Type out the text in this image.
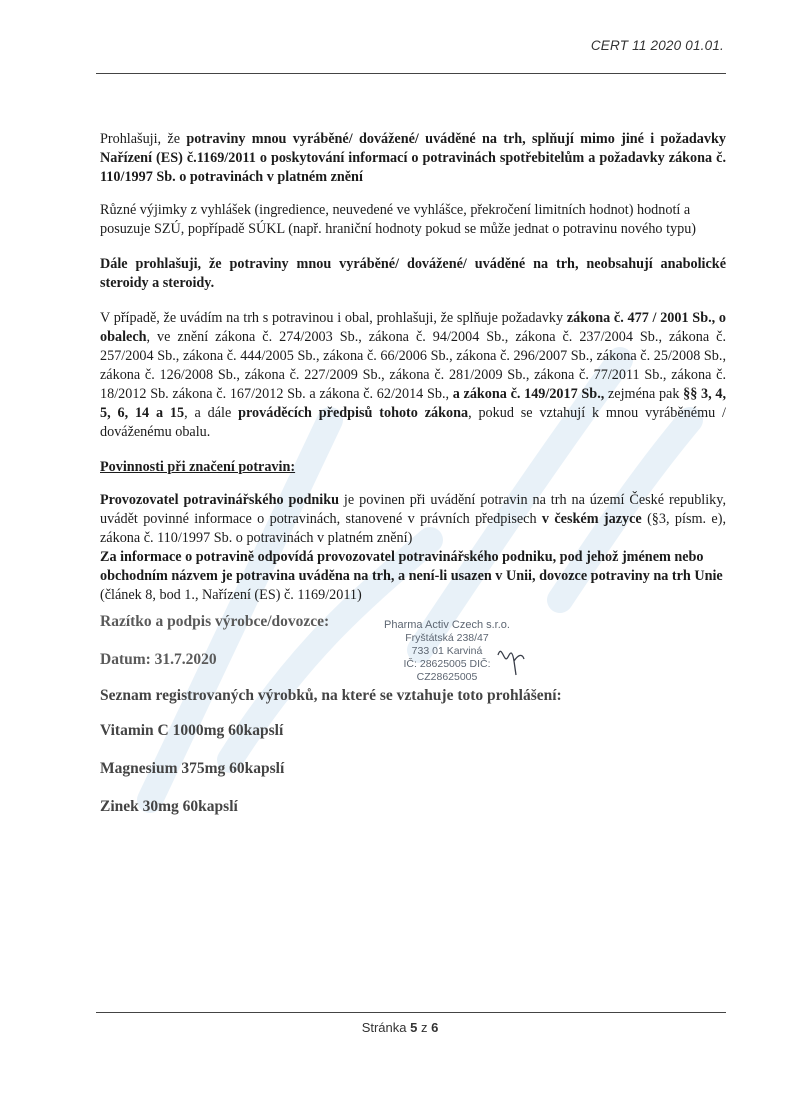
CERT 11 2020 01.01.

Prohlašuji, že potraviny mnou vyráběné/ dovážené/ uváděné na trh, splňují mimo jiné i požadavky Nařízení (ES) č.1169/2011 o poskytování informací o potravinách spotřebitelům a požadavky zákona č. 110/1997 Sb. o potravinách v platném znění

Různé výjimky z vyhlášek (ingredience, neuvedené ve vyhlášce, překročení limitních hodnot) hodnotí a posuzuje SZÚ, popřípadě SÚKL (např. hraniční hodnoty pokud se může jednat o potravinu nového typu)

Dále prohlašuji, že potraviny mnou vyráběné/ dovážené/ uváděné na trh, neobsahují anabolické steroidy a steroidy.

V případě, že uvádím na trh s potravinou i obal, prohlašuji, že splňuje požadavky zákona č. 477 / 2001 Sb., o obalech, ve znění zákona č. 274/2003 Sb., zákona č. 94/2004 Sb., zákona č. 237/2004 Sb., zákona č. 257/2004 Sb., zákona č. 444/2005 Sb., zákona č. 66/2006 Sb., zákona č. 296/2007 Sb., zákona č. 25/2008 Sb., zákona č. 126/2008 Sb., zákona č. 227/2009 Sb., zákona č. 281/2009 Sb., zákona č. 77/2011 Sb., zákona č. 18/2012 Sb. zákona č. 167/2012 Sb. a zákona č. 62/2014 Sb., a zákona č. 149/2017 Sb., zejména pak §§ 3, 4, 5, 6, 14 a 15, a dále prováděcích předpisů tohoto zákona, pokud se vztahují k mnou vyráběnému / dováženému obalu.

Povinnosti při značení potravin:

Provozovatel potravinářského podniku je povinen při uvádění potravin na trh na území České republiky, uvádět povinné informace o potravinách, stanovené v právních předpisech v českém jazyce (§3, písm. e), zákona č. 110/1997 Sb. o potravinách v platném znění)

Za informace o potravině odpovídá provozovatel potravinářského podniku, pod jehož jménem nebo obchodním názvem je potravina uváděna na trh, a není-li usazen v Unii, dovozce potraviny na trh Unie (článek 8, bod 1., Nařízení (ES) č. 1169/2011)

Razítko a podpis výrobce/dovozce:
Datum: 31.7.2020
Pharma Activ Czech s.r.o.
Fryštátská 238/47
733 01 Karviná
IČ: 28625005 DIČ: CZ28625005

Seznam registrovaných výrobků, na které se vztahuje toto prohlášení:

Vitamin C 1000mg 60kapslí

Magnesium 375mg 60kapslí

Zinek 30mg 60kapslí

Stránka 5 z 6
